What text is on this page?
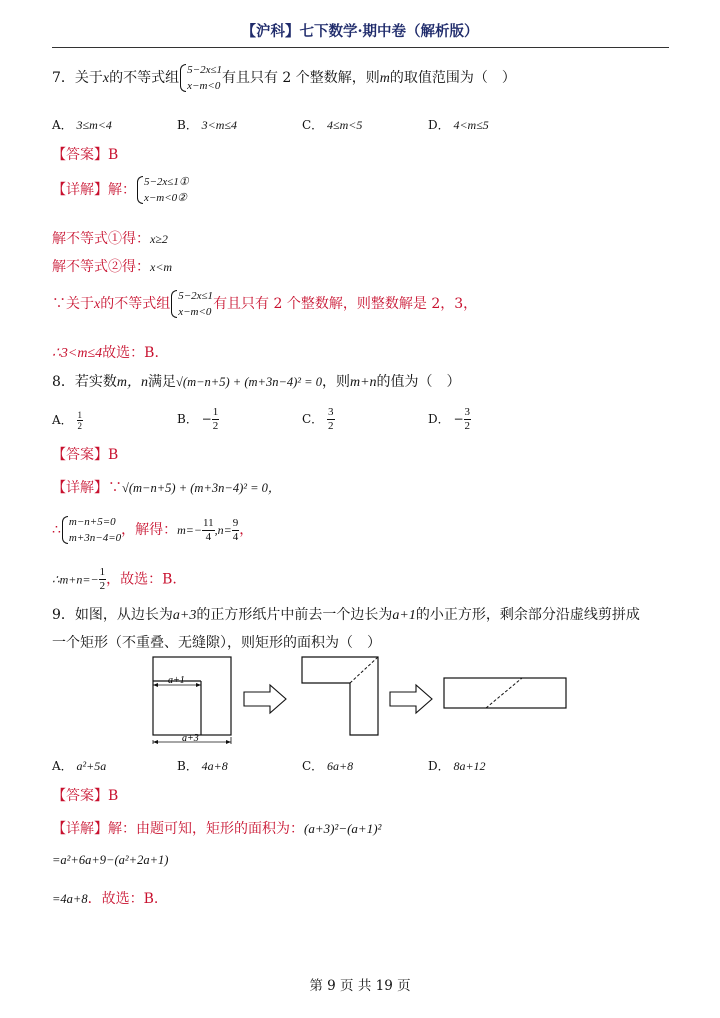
【沪科】七下数学·期中卷（解析版）
7．关于x的不等式组 5−2x≤1
x−m<0 有且只有 2 个整数解，则m的取值范围为（　）
A． 3≤m<4	B． 3<m≤4	C． 4≤m<5	D． 4<m≤5
【答案】B
【详解】解： 5−2x≤1①
x−m<0②
解不等式①得：x≥2
解不等式②得：x<m
∵关于x的不等式组 5−2x≤1
x−m<0 有且只有 2 个整数解，则整数解是 2，3，
∴3<m≤4故选：B.
8．若实数m，n满足√(m−n+5) + (m+3n−4)² = 0，则m+n的值为（　）
A． $\frac{1}{2}$	B． − $\frac{1}{2}$	C． $\frac{3}{2}$	D． − $\frac{3}{2}$
【答案】B
【详解】∵√(m−n+5) + (m+3n−4)² = 0，
∴ m−n+5=0
m+3n−4=0 ，解得：$m=- \frac{11}{4} ,n= \frac{9}{4}$ ，
∴m+n=− $\frac{1}{2}$ ，故选：B.
9．如图，从边长为a+3的正方形纸片中前去一个边长为a+1的小正方形，剩余部分沿虚线剪拼成
一个矩形（不重叠、无缝隙），则矩形的面积为（　）
a+1
a+3
A． a²+5a	B． 4a+8	C． 6a+8	D． 8a+12
【答案】B
【详解】解：由题可知，矩形的面积为：(a+3)²−(a+1)²
=a²+6a+9−(a²+2a+1)
=4a+8．故选：B.
第 9 页 共 19 页
